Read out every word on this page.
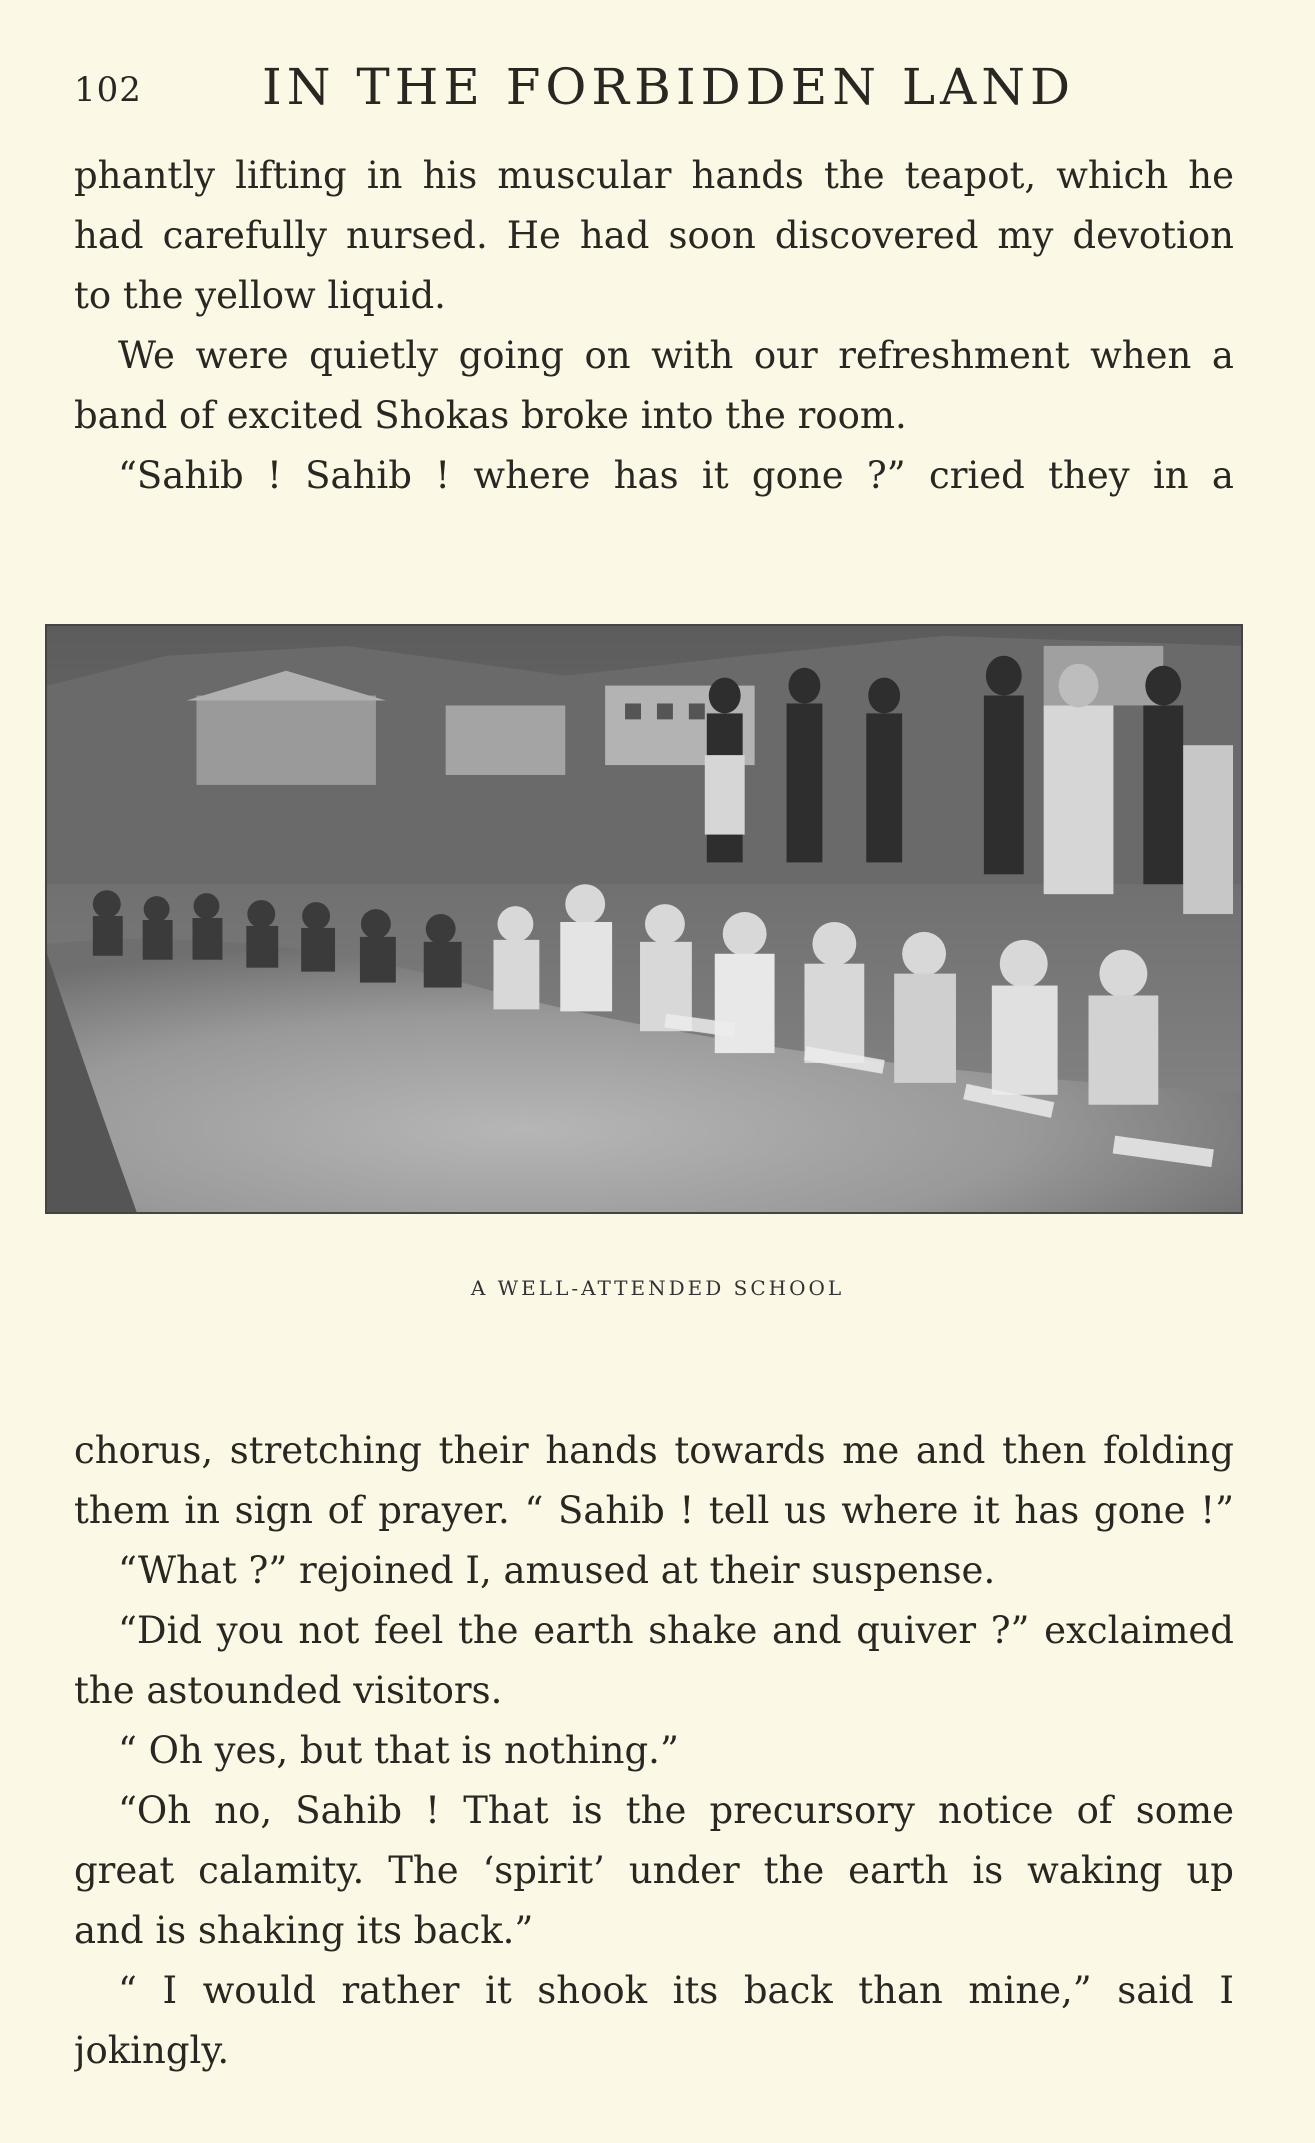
102 IN THE FORBIDDEN LAND
phantly lifting in his muscular hands the teapot, which he
had carefully nursed. He had soon discovered my devotion
to the yellow liquid.
We were quietly going on with our refreshment when a
band of excited Shokas broke into the room.
“Sahib ! Sahib ! where has it gone ?” cried they in a
A WELL-ATTENDED SCHOOL
chorus, stretching their hands towards me and then folding
them in sign of prayer. “ Sahib ! tell us where it has gone !”
“What ?” rejoined I, amused at their suspense.
“Did you not feel the earth shake and quiver ?” exclaimed
the astounded visitors.
“ Oh yes, but that is nothing.”
“Oh no, Sahib ! That is the precursory notice of some
great calamity. The ‘spirit’ under the earth is waking up
and is shaking its back.”
“ I would rather it shook its back than mine,” said I
jokingly.
